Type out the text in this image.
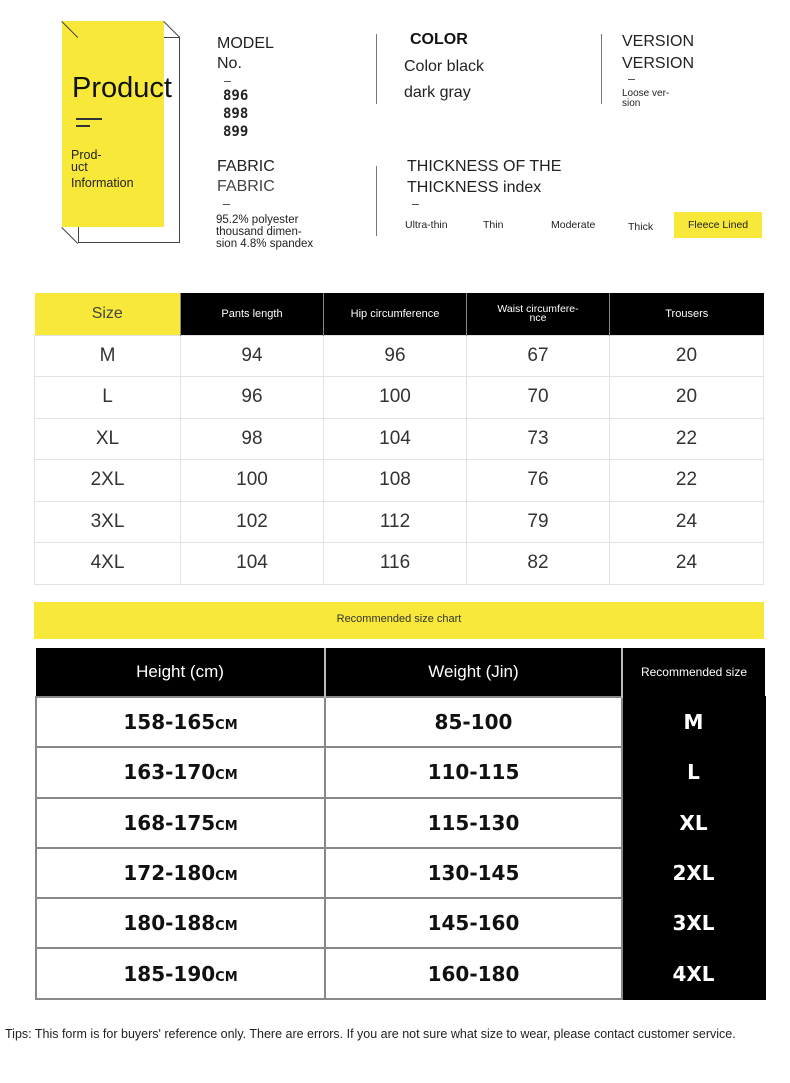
Product
Prod-
uct
Information
MODEL
No.
896
898
899
COLOR
Color black
dark gray
VERSION
VERSION
Loose ver-
sion
FABRIC
FABRIC
95.2% polyester
thousand dimen-
sion 4.8% spandex
THICKNESS OF THE
THICKNESS index
Ultra-thin	Thin	Moderate	Thick	Fleece Lined
Size	Pants length	Hip circumference	Waist circumfere-
nce	Trousers
M	94	96	67	20
L	96	100	70	20
XL	98	104	73	22
2XL	100	108	76	22
3XL	102	112	79	24
4XL	104	116	82	24
Recommended size chart
Height (cm)	Weight (Jin)	Recommended size
158-165CM	85-100	M
163-170CM	110-115	L
168-175CM	115-130	XL
172-180CM	130-145	2XL
180-188CM	145-160	3XL
185-190CM	160-180	4XL
Tips: This form is for buyers' reference only. There are errors. If you are not sure what size to wear, please contact customer service.
